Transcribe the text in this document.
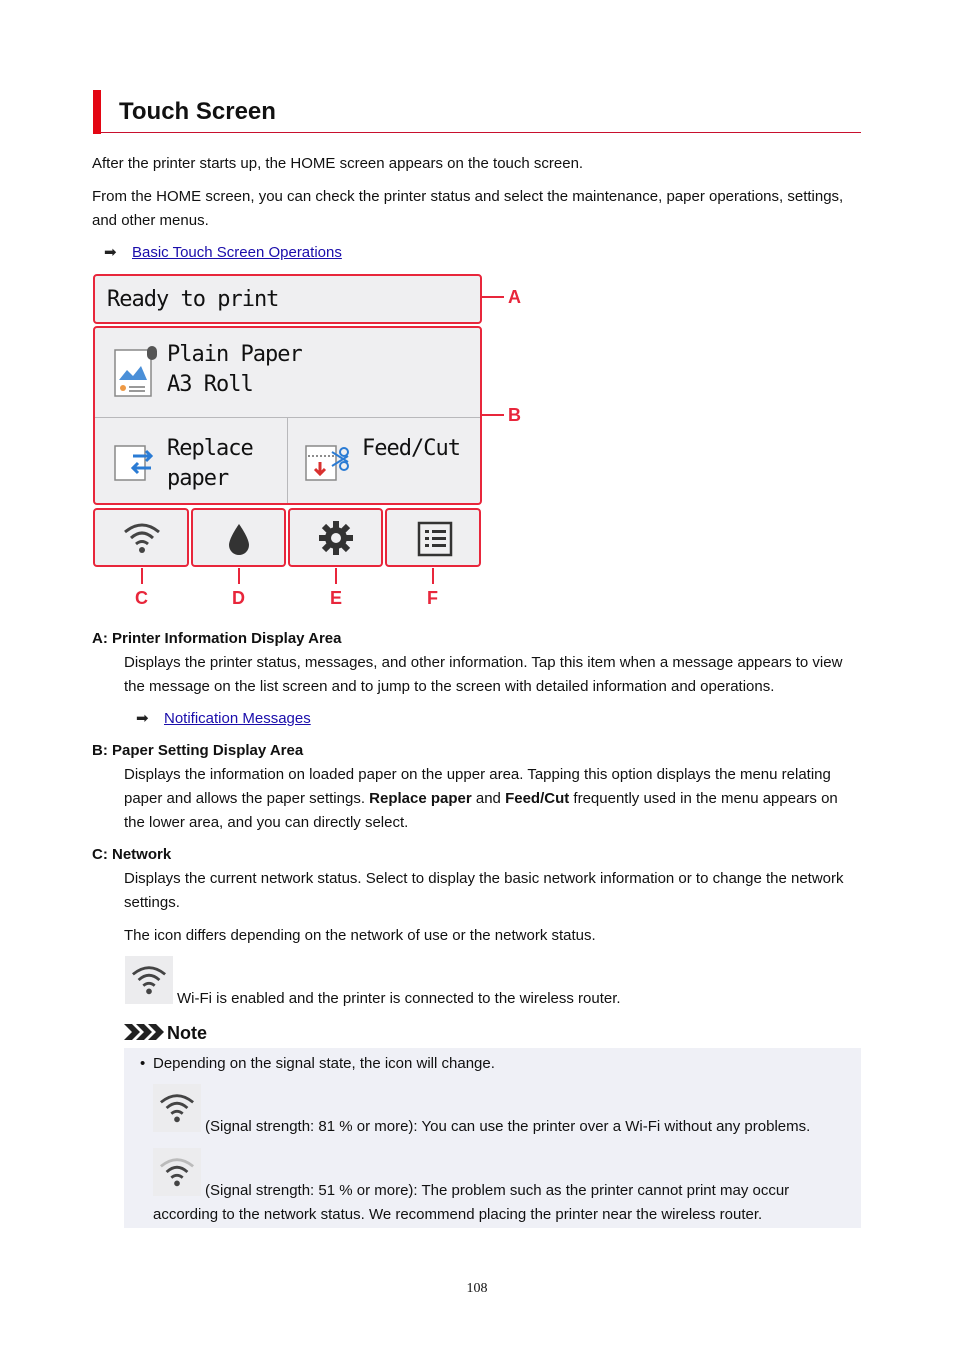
Touch Screen

After the printer starts up, the HOME screen appears on the touch screen.

From the HOME screen, you can check the printer status and select the maintenance, paper operations, settings, and other menus.

➡ Basic Touch Screen Operations
Ready to print
Plain Paper
A3 Roll
Replace
paper
Feed/Cut
A
B
C	D	E	F
A: Printer Information Display Area

Displays the printer status, messages, and other information. Tap this item when a message appears to view the message on the list screen and to jump to the screen with detailed information and operations.

➡ Notification Messages
B: Paper Setting Display Area

Displays the information on loaded paper on the upper area. Tapping this option displays the menu relating paper and allows the paper settings. Replace paper and Feed/Cut frequently used in the menu appears on the lower area, and you can directly select.

C: Network

Displays the current network status. Select to display the basic network information or to change the network settings.

The icon differs depending on the network of use or the network status.

Wi-Fi is enabled and the printer is connected to the wireless router.
Note
• Depending on the signal state, the icon will change.
(Signal strength: 81 % or more): You can use the printer over a Wi-Fi without any problems.
(Signal strength: 51 % or more): The problem such as the printer cannot print may occur
according to the network status. We recommend placing the printer near the wireless router.
108
